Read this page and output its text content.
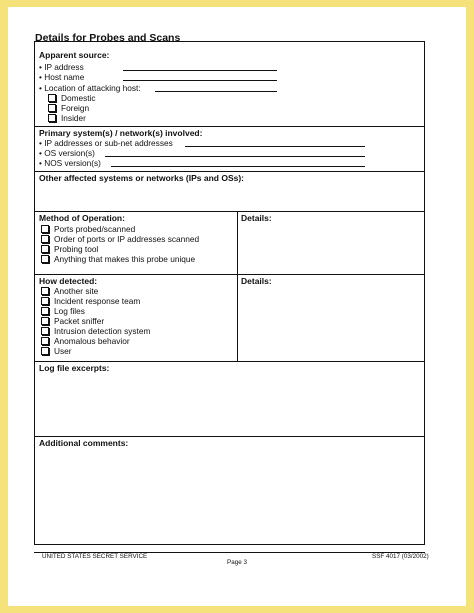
Details for Probes and Scans
Apparent source:
• IP address
• Host name
• Location of attacking host:
Domestic
Foreign
Insider
Primary system(s) / network(s) involved:
• IP addresses or sub-net addresses
• OS version(s)
• NOS version(s)
Other affected systems or networks (IPs and OSs):
Method of Operation:	Details:
Ports probed/scanned
Order of ports or IP addresses scanned
Probing tool
Anything that makes this probe unique
How detected:	Details:
Another site
Incident response team
Log files
Packet sniffer
Intrusion detection system
Anomalous behavior
User
Log file excerpts:
Additional comments:
UNITED STATES SECRET SERVICE
Page 3
SSF 4017 (03/2002)
